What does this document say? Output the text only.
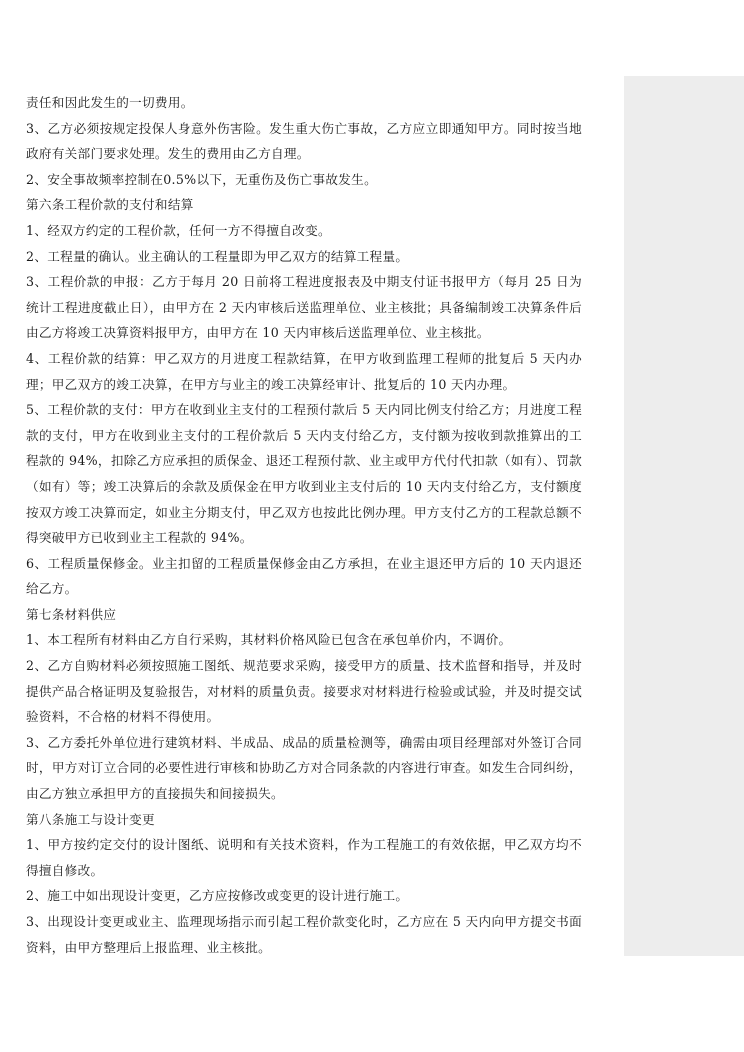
责任和因此发生的一切费用。

3、乙方必须按规定投保人身意外伤害险。发生重大伤亡事故，乙方应立即通知甲方。同时按当地政府有关部门要求处理。发生的费用由乙方自理。

2、安全事故频率控制在0.5%以下，无重伤及伤亡事故发生。

第六条工程价款的支付和结算

1、经双方约定的工程价款，任何一方不得擅自改变。

2、工程量的确认。业主确认的工程量即为甲乙双方的结算工程量。

3、工程价款的申报：乙方于每月 20 日前将工程进度报表及中期支付证书报甲方（每月 25 日为统计工程进度截止日），由甲方在 2 天内审核后送监理单位、业主核批；具备编制竣工决算条件后由乙方将竣工决算资料报甲方，由甲方在 10 天内审核后送监理单位、业主核批。

4、工程价款的结算：甲乙双方的月进度工程款结算，在甲方收到监理工程师的批复后 5 天内办理；甲乙双方的竣工决算，在甲方与业主的竣工决算经审计、批复后的 10 天内办理。

5、工程价款的支付：甲方在收到业主支付的工程预付款后 5 天内同比例支付给乙方；月进度工程款的支付，甲方在收到业主支付的工程价款后 5 天内支付给乙方，支付额为按收到款推算出的工程款的 94%，扣除乙方应承担的质保金、退还工程预付款、业主或甲方代付代扣款（如有）、罚款（如有）等；竣工决算后的余款及质保金在甲方收到业主支付后的 10 天内支付给乙方，支付额度按双方竣工决算而定，如业主分期支付，甲乙双方也按此比例办理。甲方支付乙方的工程款总额不得突破甲方已收到业主工程款的 94%。

6、工程质量保修金。业主扣留的工程质量保修金由乙方承担，在业主退还甲方后的 10 天内退还给乙方。

第七条材料供应

1、本工程所有材料由乙方自行采购，其材料价格风险已包含在承包单价内，不调价。

2、乙方自购材料必须按照施工图纸、规范要求采购，接受甲方的质量、技术监督和指导，并及时提供产品合格证明及复验报告，对材料的质量负责。接要求对材料进行检验或试验，并及时提交试验资料，不合格的材料不得使用。

3、乙方委托外单位进行建筑材料、半成品、成品的质量检测等，确需由项目经理部对外签订合同时，甲方对订立合同的必要性进行审核和协助乙方对合同条款的内容进行审查。如发生合同纠纷，由乙方独立承担甲方的直接损失和间接损失。

第八条施工与设计变更

1、甲方按约定交付的设计图纸、说明和有关技术资料，作为工程施工的有效依据，甲乙双方均不得擅自修改。

2、施工中如出现设计变更，乙方应按修改或变更的设计进行施工。

3、出现设计变更或业主、监理现场指示而引起工程价款变化时，乙方应在 5 天内向甲方提交书面资料，由甲方整理后上报监理、业主核批。
